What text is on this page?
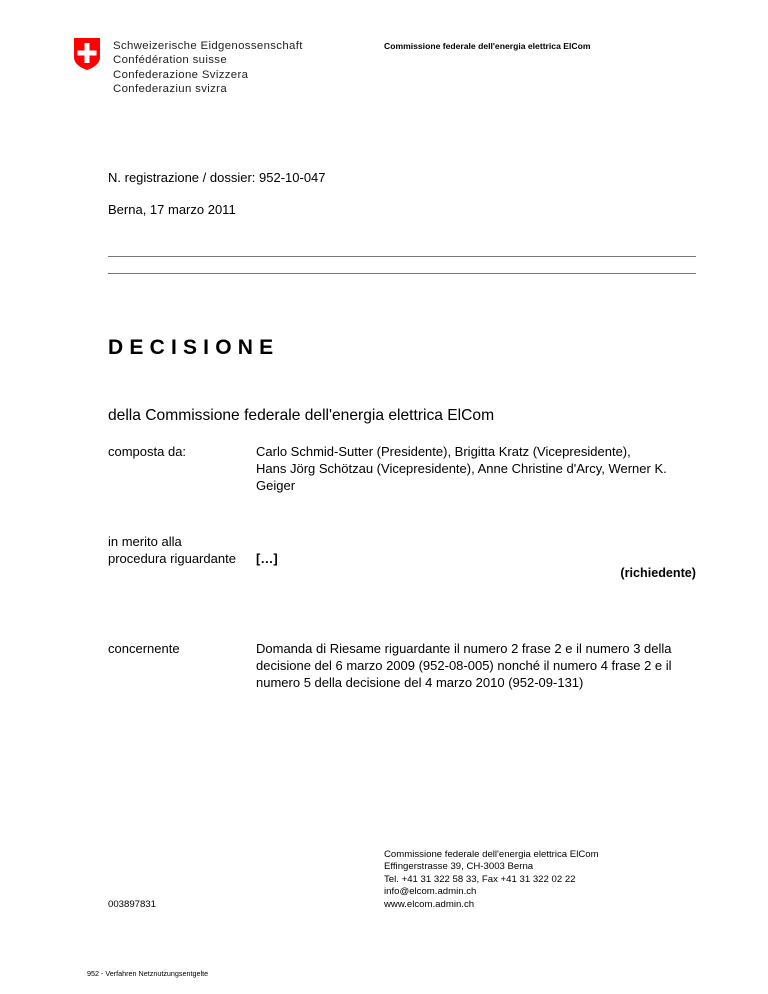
Schweizerische Eidgenossenschaft
Confédération suisse
Confederazione Svizzera
Confederaziun svizra
Commissione federale dell'energia elettrica ElCom
N. registrazione / dossier: 952-10-047
Berna, 17 marzo 2011
DECISIONE
della Commissione federale dell'energia elettrica ElCom
composta da:	Carlo Schmid-Sutter (Presidente), Brigitta Kratz (Vicepresidente),
Hans Jörg Schötzau (Vicepresidente), Anne Christine d'Arcy, Werner K.
Geiger
in merito alla
procedura riguardante […]
(richiedente)
concernente	Domanda di Riesame riguardante il numero 2 frase 2 e il numero 3 della
decisione del 6 marzo 2009 (952-08-005) nonché il numero 4 frase 2 e il
numero 5 della decisione del 4 marzo 2010 (952-09-131)
003897831
Commissione federale dell'energia elettrica ElCom
Effingerstrasse 39, CH-3003 Berna
Tel. +41 31 322 58 33, Fax +41 31 322 02 22
info@elcom.admin.ch
www.elcom.admin.ch
952 - Verfahren Netznutzungsentgelte
